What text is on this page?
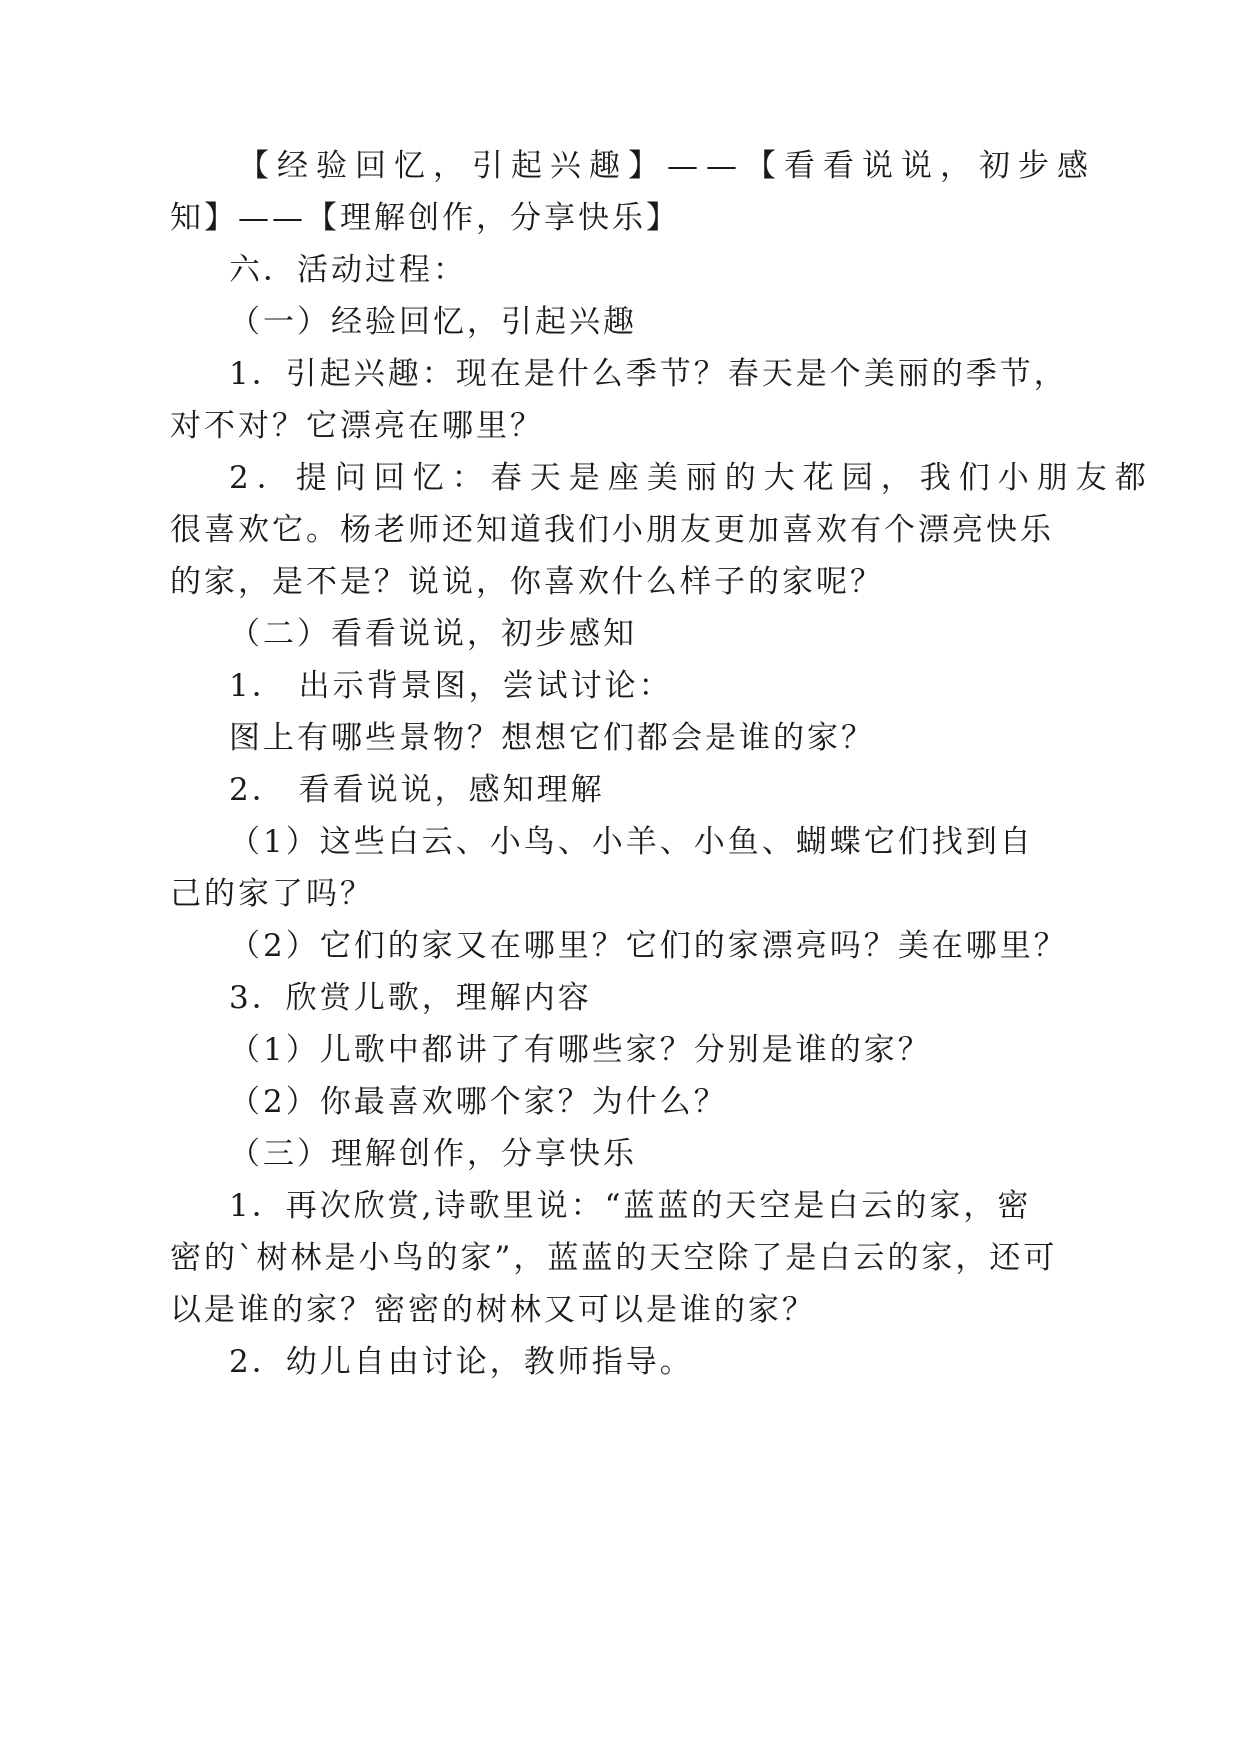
【经验回忆，引起兴趣】——【看看说说，初步感
知】——【理解创作，分享快乐】
六．活动过程：
（一）经验回忆，引起兴趣
1．引起兴趣：现在是什么季节？春天是个美丽的季节，
对不对？它漂亮在哪里？
2．提问回忆：春天是座美丽的大花园，我们小朋友都
很喜欢它。杨老师还知道我们小朋友更加喜欢有个漂亮快乐
的家，是不是？说说，你喜欢什么样子的家呢？
（二）看看说说，初步感知
1． 出示背景图，尝试讨论：
图上有哪些景物？想想它们都会是谁的家？
2． 看看说说，感知理解
（1）这些白云、小鸟、小羊、小鱼、蝴蝶它们找到自
己的家了吗？
（2）它们的家又在哪里？它们的家漂亮吗？美在哪里？
3．欣赏儿歌，理解内容
（1）儿歌中都讲了有哪些家？分别是谁的家？
（2）你最喜欢哪个家？为什么？
（三）理解创作，分享快乐
1．再次欣赏,诗歌里说：“蓝蓝的天空是白云的家，密
密的`树林是小鸟的家”，蓝蓝的天空除了是白云的家，还可
以是谁的家？密密的树林又可以是谁的家？
2．幼儿自由讨论，教师指导。
